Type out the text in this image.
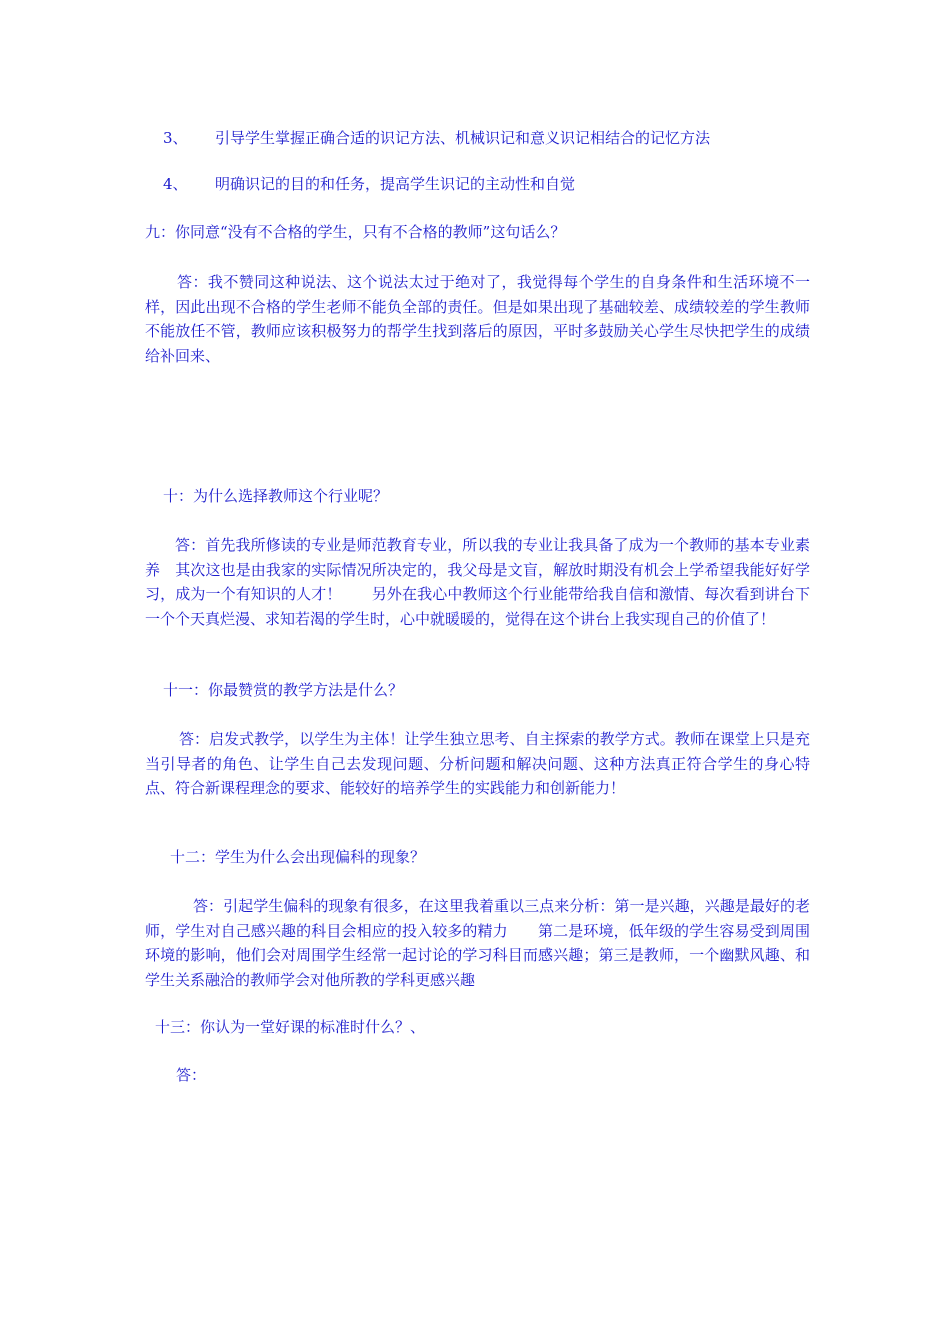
3、 引导学生掌握正确合适的识记方法、机械识记和意义识记相结合的记忆方法
4、 明确识记的目的和任务，提高学生识记的主动性和自觉
九：你同意“没有不合格的学生，只有不合格的教师”这句话么？
答：我不赞同这种说法、这个说法太过于绝对了，我觉得每个学生的自身条件和生活环境不一样，因此出现不合格的学生老师不能负全部的责任。但是如果出现了基础较差、成绩较差的学生教师不能放任不管，教师应该积极努力的帮学生找到落后的原因，平时多鼓励关心学生尽快把学生的成绩给补回来、
十：为什么选择教师这个行业呢？
答：首先我所修读的专业是师范教育专业，所以我的专业让我具备了成为一个教师的基本专业素养　其次这也是由我家的实际情况所决定的，我父母是文盲，解放时期没有机会上学希望我能好好学习，成为一个有知识的人才！　　另外在我心中教师这个行业能带给我自信和激情、每次看到讲台下一个个天真烂漫、求知若渴的学生时，心中就暖暖的，觉得在这个讲台上我实现自己的价值了！
十一：你最赞赏的教学方法是什么？
答：启发式教学，以学生为主体！让学生独立思考、自主探索的教学方式。教师在课堂上只是充当引导者的角色、让学生自己去发现问题、分析问题和解决问题、这种方法真正符合学生的身心特点、符合新课程理念的要求、能较好的培养学生的实践能力和创新能力！
十二：学生为什么会出现偏科的现象？
答：引起学生偏科的现象有很多，在这里我着重以三点来分析：第一是兴趣，兴趣是最好的老师，学生对自己感兴趣的科目会相应的投入较多的精力　　第二是环境，低年级的学生容易受到周围环境的影响，他们会对周围学生经常一起讨论的学习科目而感兴趣；第三是教师，一个幽默风趣、和学生关系融洽的教师学会对他所教的学科更感兴趣
十三：你认为一堂好课的标准时什么？、
答：
